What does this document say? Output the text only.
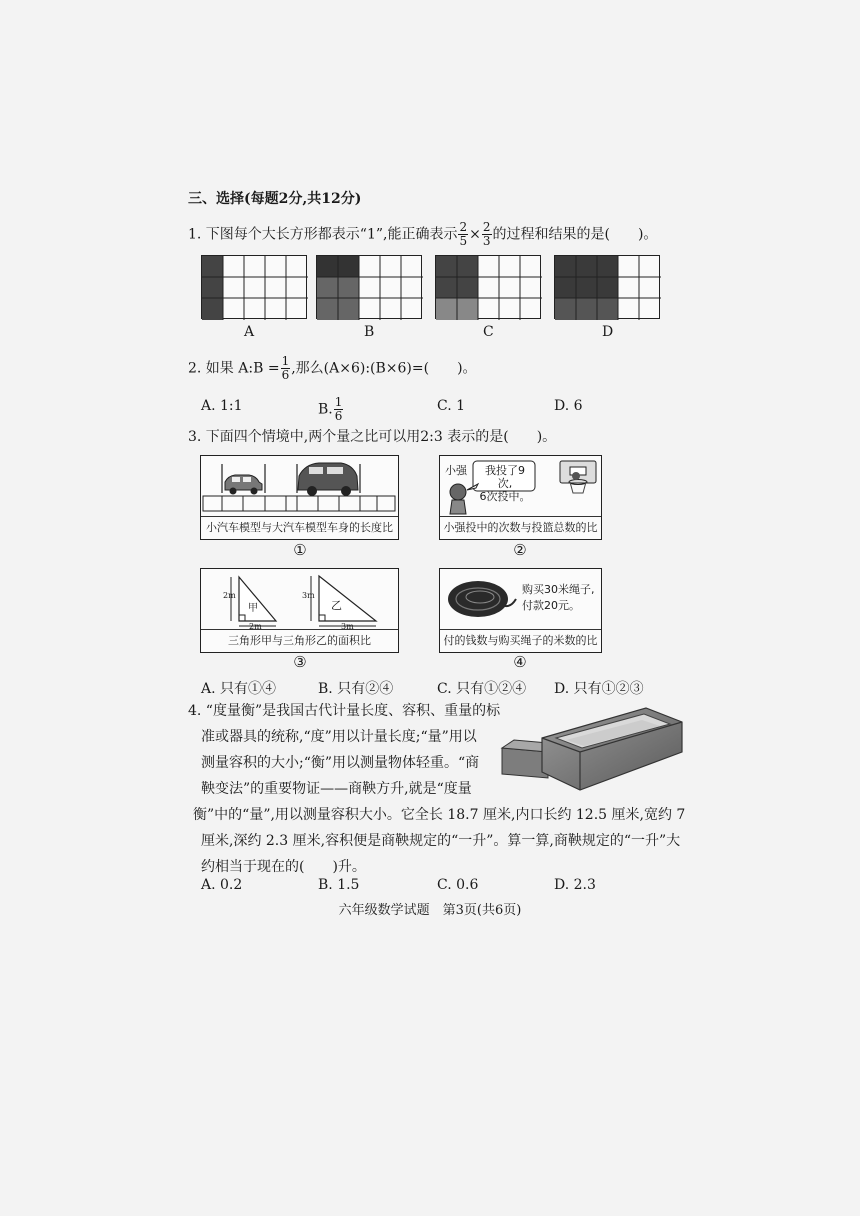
三、选择(每题2分,共12分)
1. 下图每个大长方形都表示“1”,能正确表示 $\frac{2}{5} \times \frac{2}{3}$ 的过程和结果的是(　　)。
A	B	C	D
2. 如果 A:B = $\frac{1}{6}$ ,那么(A×6):(B×6)=(　　)。
A. 1:1	B. $\frac{1}{6}$	C. 1	D. 6
3. 下面四个情境中,两个量之比可以用2:3 表示的是(　　)。
小汽车模型与大汽车模型车身的长度比
①
小强	我投了9次,
6次投中。
小强投中的次数与投篮总数的比
②
甲	乙
2m
2m
3m
3m
三角形甲与三角形乙的面积比
③
购买30米绳子,
付款20元。
付的钱数与购买绳子的米数的比
④
A. 只有①④	B. 只有②④	C. 只有①②④ D. 只有①②③
4. “度量衡”是我国古代计量长度、容积、重量的标
准或器具的统称,“度”用以计量长度;“量”用以
测量容积的大小;“衡”用以测量物体轻重。“商
鞅变法”的重要物证——商鞅方升,就是“度量
衡”中的“量”,用以测量容积大小。它全长 18.7 厘米,内口长约 12.5 厘米,宽约 7
厘米,深约 2.3 厘米,容积便是商鞅规定的“一升”。算一算,商鞅规定的“一升”大
约相当于现在的(　　)升。
A. 0.2	B. 1.5	C. 0.6	D. 2.3
六年级数学试题　第3页(共6页)
